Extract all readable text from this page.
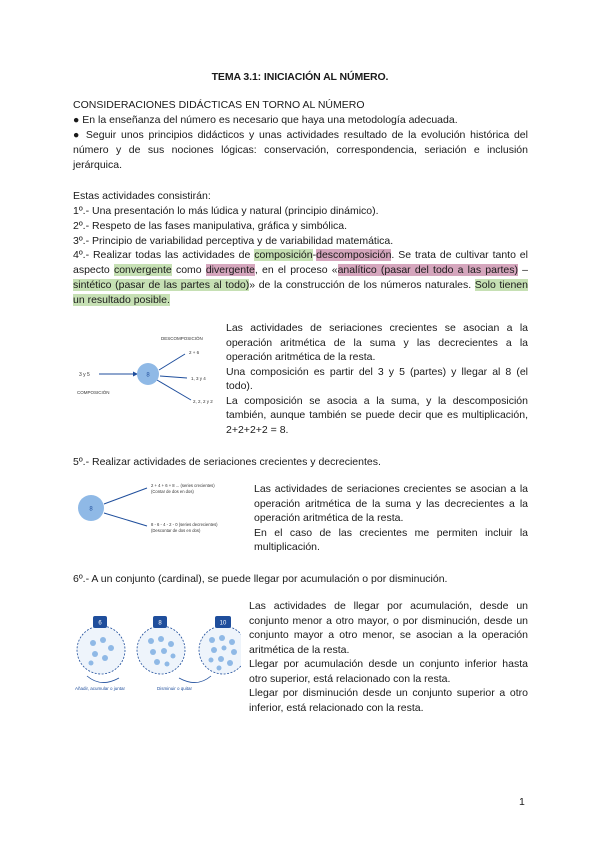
TEMA 3.1: INICIACIÓN AL NÚMERO.

CONSIDERACIONES DIDÁCTICAS EN TORNO AL NÚMERO

● En la enseñanza del número es necesario que haya una metodología adecuada.

● Seguir unos principios didácticos y unas actividades resultado de la evolución histórica del número y de sus nociones lógicas: conservación, correspondencia, seriación e inclusión jerárquica.

Estas actividades consistirán:

1º.- Una presentación lo más lúdica y natural (principio dinámico).

2º.- Respeto de las fases manipulativa, gráfica y simbólica.

3º.- Principio de variabilidad perceptiva y de variabilidad matemática.

4º.- Realizar todas las actividades de composición-descomposición. Se trata de cultivar tanto el aspecto convergente como divergente, en el proceso «analítico (pasar del todo a las partes) – sintético (pasar de las partes al todo)» de la construcción de los números naturales. Solo tienen un resultado posible.

DESCOMPOSICIÓN
3 y 5
COMPOSICIÓN
8
2 + 6
1, 3 y 4
2, 2, 2 y 2
Las actividades de seriaciones crecientes se asocian a la operación aritmética de la suma y las decrecientes a la operación aritmética de la resta.
Una composición es partir del 3 y 5 (partes) y llegar al 8 (el todo).
La composición se asocia a la suma, y la descomposición también, aunque también se puede decir que es multiplicación, 2+2+2+2 = 8.

5º.- Realizar actividades de seriaciones crecientes y decrecientes.

8
2 + 4 + 6 + 8 ... (series crecientes)
(Contar de dos en dos)
8 - 6 - 4 - 2 - 0 (series decrecientes)
(Descontar de dos en dos)
Las actividades de seriaciones crecientes se asocian a la operación aritmética de la suma y las decrecientes a la operación aritmética de la resta.
En el caso de las crecientes me permiten incluir la multiplicación.

6º.- A un conjunto (cardinal), se puede llegar por acumulación o por disminución.

6	8	10
Añadir, acumular o juntar	Disminuir o quitar
Las actividades de llegar por acumulación, desde un conjunto menor a otro mayor, o por disminución, desde un conjunto mayor a otro menor, se asocian a la operación aritmética de la resta.
Llegar por acumulación desde un conjunto inferior hasta otro superior, está relacionado con la resta.
Llegar por disminución desde un conjunto superior a otro inferior, está relacionado con la resta.
1
